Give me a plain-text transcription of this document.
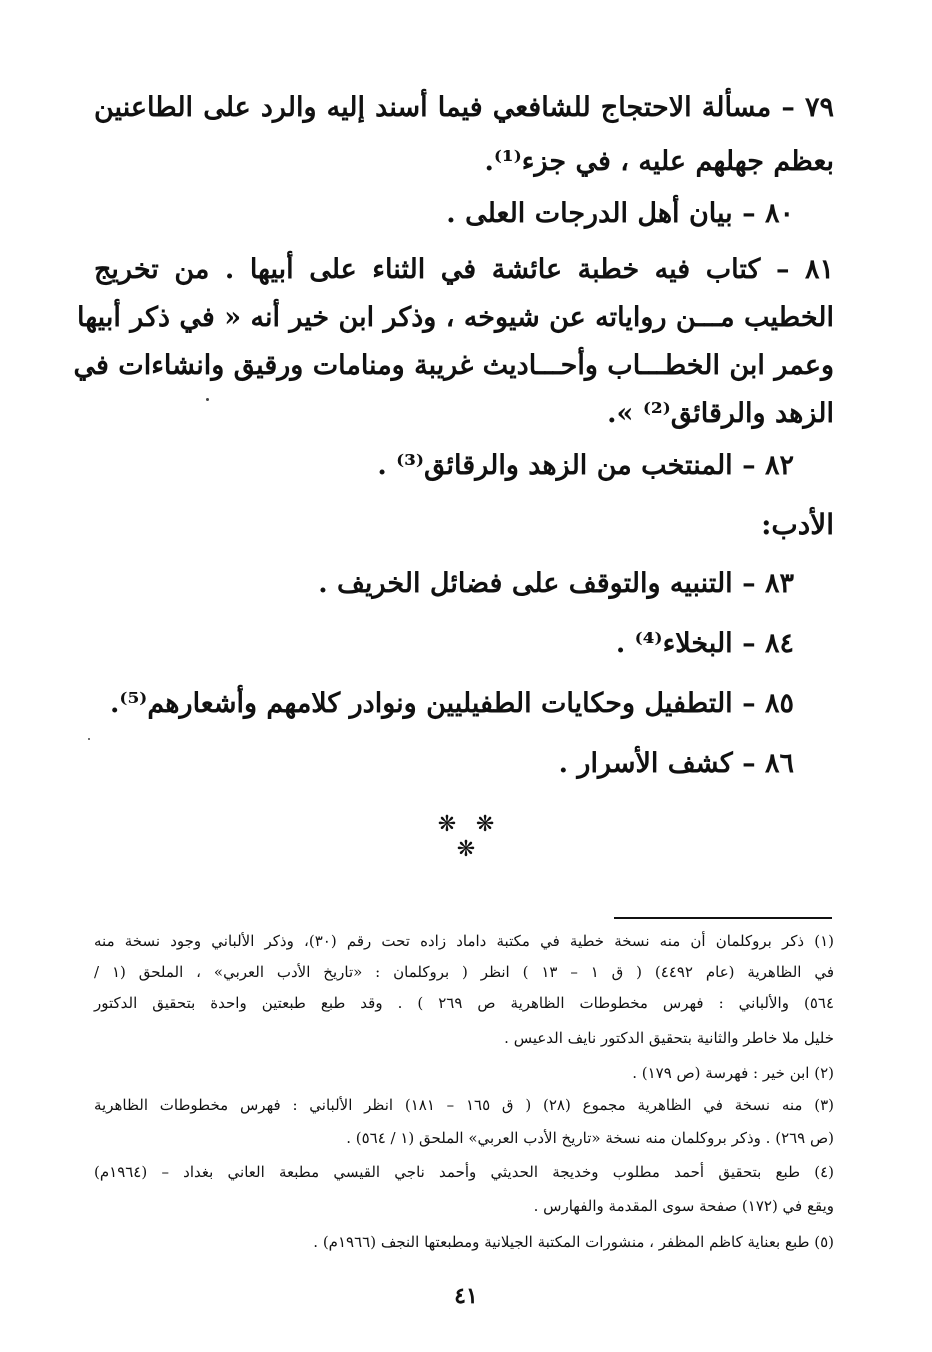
٧٩ – مسألة الاحتجاج للشافعي فيما أسند إليه والرد على الطاعنين
بعظم جهلهم عليه ، في جزء⁽¹⁾.
٨٠ – بيان أهل الدرجات العلى .
٨١ – كتاب فيه خطبة عائشة في الثناء على أبيها . من تخريج
الخطيب مـــن رواياته عن شيوخه ، وذكر ابن خير أنه « في ذكر أبيها
وعمر ابن الخطـــاب وأحـــاديث غريبة ومنامات ورقيق وانشاءات في
الزهد والرقائق⁽²⁾ ».
٨٢ – المنتخب من الزهد والرقائق⁽³⁾ .
الأدب:
٨٣ – التنبيه والتوقف على فضائل الخريف .
٨٤ – البخلاء⁽⁴⁾ .
٨٥ – التطفيل وحكايات الطفيليين ونوادر كلامهم وأشعارهم⁽⁵⁾.
٨٦ – كشف الأسرار .
❋ ❋ ❋
(١) ذكر بروكلمان أن منه نسخة خطية في مكتبة داماد زاده تحت رقم (٣٠)، وذكر الألباني وجود نسخة منه
في الظاهرية (عام ٤٤٩٢) ( ق ١ – ١٣ ) انظر ( بروكلمان : «تاريخ الأدب العربي» ، الملحق (١ /
٥٦٤) والألباني : فهرس مخطوطات الظاهرية ص ٢٦٩ ) . وقد طبع طبعتين واحدة بتحقيق الدكتور
خليل ملا خاطر والثانية بتحقيق الدكتور نايف الدعيس .
(٢) ابن خير : فهرسة (ص ١٧٩) .
(٣) منه نسخة في الظاهرية مجموع (٢٨) ( ق ١٦٥ – ١٨١) انظر الألباني : فهرس مخطوطات الظاهرية
(ص ٢٦٩) . وذكر بروكلمان منه نسخة «تاريخ الأدب العربي» الملحق (١ / ٥٦٤) .
(٤) طبع بتحقيق أحمد مطلوب وخديجة الحديثي وأحمد ناجي القيسي مطبعة العاني بغداد – (١٩٦٤م)
ويقع في (١٧٢) صفحة سوى المقدمة والفهارس .
(٥) طبع بعناية كاظم المظفر ، منشورات المكتبة الجيلانية ومطبعتها النجف (١٩٦٦م) .
٤١
